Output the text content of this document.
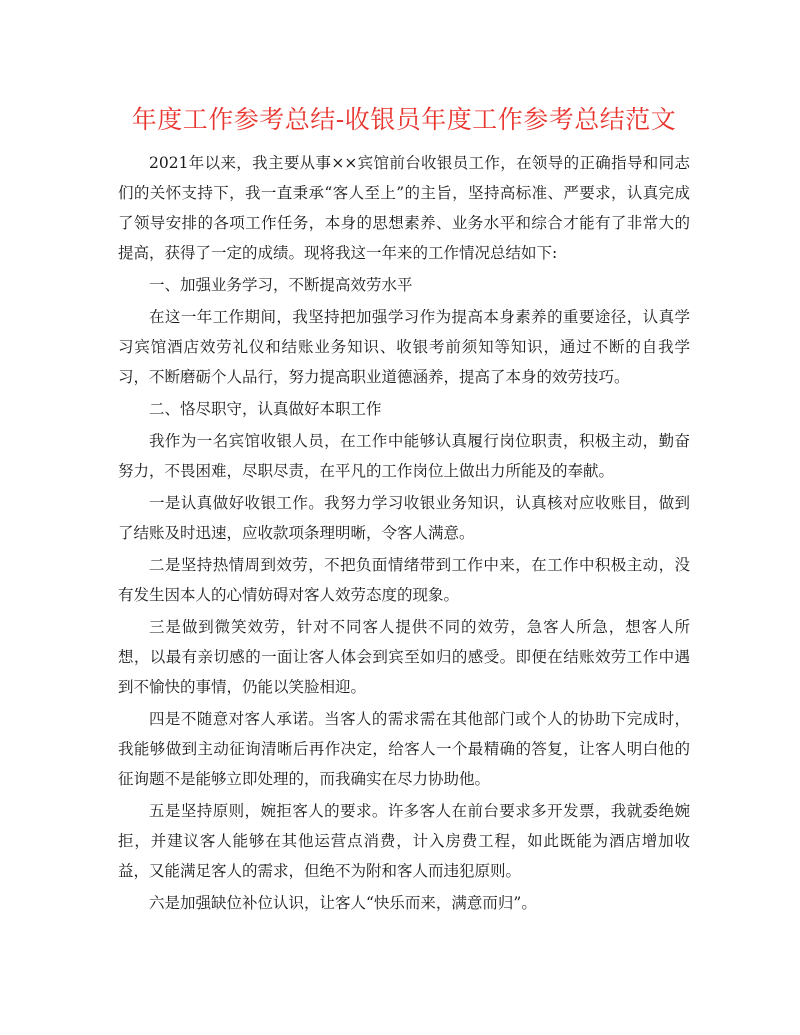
年度工作参考总结-收银员年度工作参考总结范文

2021年以来，我主要从事××宾馆前台收银员工作，在领导的正确指导和同志们的关怀支持下，我一直秉承“客人至上”的主旨，坚持高标准、严要求，认真完成了领导安排的各项工作任务，本身的思想素养、业务水平和综合才能有了非常大的提高，获得了一定的成绩。现将我这一年来的工作情况总结如下:

一、加强业务学习，不断提高效劳水平

在这一年工作期间，我坚持把加强学习作为提高本身素养的重要途径，认真学习宾馆酒店效劳礼仪和结账业务知识、收银考前须知等知识，通过不断的自我学习，不断磨砺个人品行，努力提高职业道德涵养，提高了本身的效劳技巧。

二、恪尽职守，认真做好本职工作

我作为一名宾馆收银人员，在工作中能够认真履行岗位职责，积极主动，勤奋努力，不畏困难，尽职尽责，在平凡的工作岗位上做出力所能及的奉献。

一是认真做好收银工作。我努力学习收银业务知识，认真核对应收账目，做到了结账及时迅速，应收款项条理明晰，令客人满意。

二是坚持热情周到效劳，不把负面情绪带到工作中来，在工作中积极主动，没有发生因本人的心情妨碍对客人效劳态度的现象。

三是做到微笑效劳，针对不同客人提供不同的效劳，急客人所急，想客人所想，以最有亲切感的一面让客人体会到宾至如归的感受。即便在结账效劳工作中遇到不愉快的事情，仍能以笑脸相迎。

四是不随意对客人承诺。当客人的需求需在其他部门或个人的协助下完成时，我能够做到主动征询清晰后再作决定，给客人一个最精确的答复，让客人明白他的征询题不是能够立即处理的，而我确实在尽力协助他。

五是坚持原则，婉拒客人的要求。许多客人在前台要求多开发票，我就委绝婉拒，并建议客人能够在其他运营点消费，计入房费工程，如此既能为酒店增加收益，又能满足客人的需求，但绝不为附和客人而违犯原则。

六是加强缺位补位认识，让客人“快乐而来，满意而归”。
